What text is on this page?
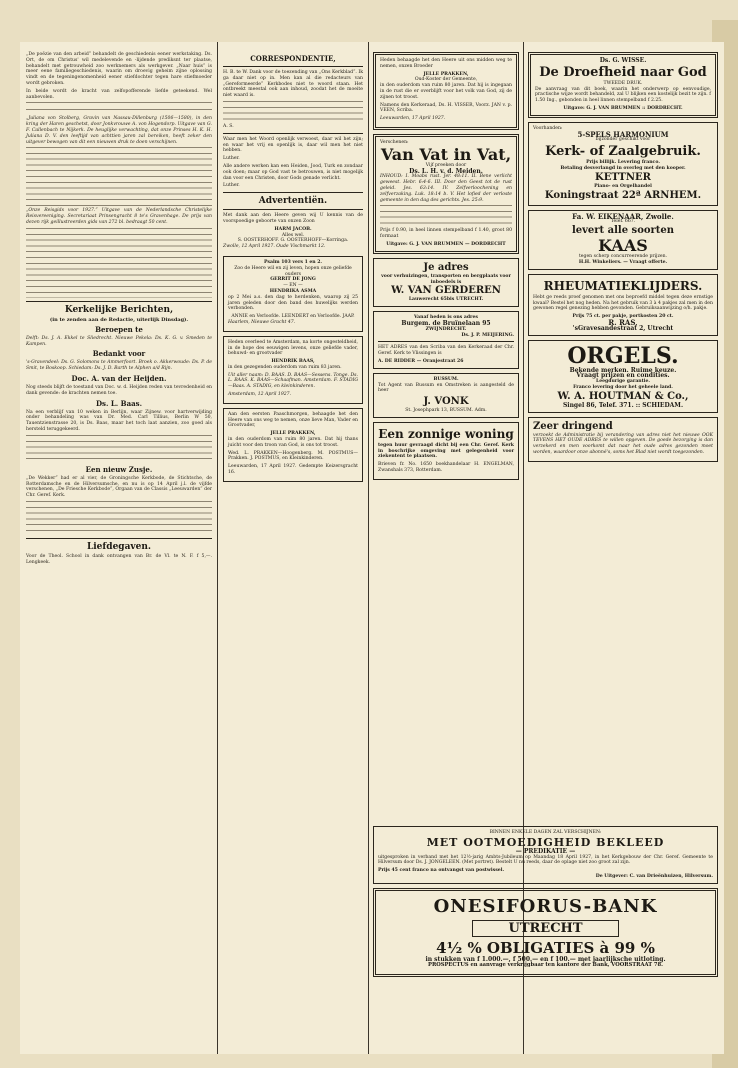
„De poëzie van den arbeid” behandelt de geschiedenis eener werkstaking. Ds. Ort, de om Christus' wil medelevende en -lijdende prediksnt ter plaatse, behandelt met getrouwheid zoo werknemers als werkgever. „Naar huis” is meer eene familiegeschiedenis, waarin om droevig geheim zijne oplossing vindt en de tegeningenomenheid eener stiefdochter tegen hare stiefmoeder wordt gebroken.

In beide wordt de kracht van zelfopofferende liefde geteekend. Wel aanbevolen.

„Juliana von Stolberg, Gravin van Nassau-Dillenburg (1506—1580), in den kring der Haren geschetst, door Jonkvrouwe A. von Hogendorp. Uitgave van G. F. Callenbach te Nijkerk. De heuglijke verwachting, dat onze Prinses H. K. H. Juliana D. V. den leeftijd van achttien jaren zal bereiken, heeft zeker den uitgever bewogen van dit een nieuwen druk te doen verschijnen.

„Onze Reisgids voor 1927.” Uitgave van de Nederlandsche Christelijke Reisvereeniging. Secretariaat Prinsengracht 8 te's Gravenhage. De prijs van dezen rijk geillustreerden gids van 272 bl. bedraagt 50 cent.

Kerkelijke Berichten,
(in te zenden aan de Redactie, uiterlijk Dinsdag).
Beroepen te

Delft: Ds. J. A. Ekkel te Sliedrecht. Nieuwe Pekela: Ds. K. G. v. Smeden te Kampen.

Bedankt voor

's-Gravendeel: Ds. G. Solomons te Ammerfoort. Broek o. Akkerwoude: Ds. P. de Smit, te Boskoop. Schiedam: Ds. J. D. Barth te Alphen a/d Rijn.

Doc. A. van der Heijden.

Nog steeds blijft de toestand van Doc. w. d. Heijden reden van tevredenheid en dank gevende: de krachten nemen toe.

Ds. L. Baas.

Na een verblijf van 10 weken in Berlijn, waar Zijnew. voor hartverwijding onder behandeling was van Dr. Med. Carl Tillius, Berlin W 50, Tauentzienstrasse 20, is Ds. Baas, maar het toch laat aanzien, zoo goed als hersteld teruggekeerd.

Een nieuw Zusje.

„De Wekker” had er al vier, de Groningsche Kerkbode, de Stichtsche, de Rotterdamsche en de Hilversumsche, en nu is op 14 April j.l. de vijfde verschenen, „De Friesche Kerkbode”, Orgaan van de Classis „Leeuwarden” der Chr. Geref. Kerk.

Liefdegaven.

Voor de Theol. School in dank ontvangen van Br. de Vl. te N. F. f 5,—. Lengkeek.

CORRESPONDENTIE,

H. B. te W. Dank voor de toezending van „Ons Kerkblad”. Ik ga daar niet op in. Men kan al die redacteurs van „Gereformeerde” Kerkbodes niet te woord staan. Het ontbreekt meestal ook aan inhoud, zoodat het de moeite niet waard is.

A. S.

Waar men het Woord openlijk verwoest, daar wil het zijn; en waar het vrij en openlijk is, daar wil men het niet hebben.

Luther.

Alle andere werken kan een Heiden, Jood, Turk en zondaar ook doen; maar op God vast te betrouwen, is niet mogelijk dan voor een Christen, door Gods genade verlicht.

Luther.

Advertentiën.

Met dank aan den Heere geven wij U kennis van de voorspoedige geboorte van onzen Zoon

HARM JACOB.
Alles wel.
S. OOSTERHOFF. G. OOSTERHOFF—Korringa.

Zwolle, 12 April 1927. Oude Vischmarkt 12.

Psalm 103 vers 1 en 2.
Zoo de Heere wil en zij leven, hopen onze geliefde ouders
GERRIT DE JONG
— EN —
HENDRIKA ASMA

op 2 Mei a.s. den dag te herdenken, waarop zij 25 jaren geleden door den band des huwelijks werden verbonden.

ANNIE en Verloofde. LEENDERT en Verloofde. JAAP.

Haarlem, Nieuwe Gracht 47.

Heden overleed te Amsterdam, na korte ongesteldheid, in de hope des eeuwigen levens, onze geliefde vader, behuwd- en grootvader

HENDRIK BAAS,

in den gezegenden ouderdom van ruim 83 jaren.

Uit aller naam: D. BAAS. D. BAAS—Sessens. Tonge. Ds. L. BAAS. K. BAAS—Schaafman. Amsterdam. F. STADIG—Baas. A. STADIG, en kleinkinderen.

Amsterdam, 12 April 1927.

Aan den eersten Paaschmorgen, behaagde het den Heere van ons weg te nemen, onze lieve Man, Vader en Grootvader,

JELLE PRAKKEN,

in den ouderdom van ruim 80 jaren. Dat hij thans juicht voor den troon van God, is ons tot troost.

Wed. L. PRAKKEN—Hoogenberg. M. POSTMUS—Prakken. J. POSTMUS, en Kleinkinderen.

Leeuwarden, 17 April 1927. Gedempte Keizersgracht 16.

Heden behaagde het den Heere uit ons midden weg te nemen, onzen Broeder

JELLE PRAKKEN,
Oud-Koster der Gemeente,

in den ouderdom van ruim 80 jaren. Dat hij is ingegaan in de rust die er overblijft voor het volk van God, zij de zijnen tot troost.

Namens den Kerkeraad, Ds. H. VISSER, Voorz. JAN v. p. VEEN, Scriba.

Leeuwarden, 17 April 1927.

Verschenen:
Van Vat in Vat,
Vijf preeken door
Ds. L. H. v. d. Meiden.

INHOUD: I. Moabs rust. Jer. 48:11. II. Bene verlicht geweest. Hebr. 6:4-6. III. Door den Geest tot de rust geleid. Jes. 63:14. IV. Zelfverloochening en zelfverzaking. Luk. 18:14 b. V. Het lofied der verloste gemeente in den dag des gerichts. Jes. 25:9.

Prijs f 0.90, in heel linnen stempelband f 1.40, groot 80 formaat

Uitgave: G. J. VAN BRUMMEN — DORDRECHT
Je adres
voor verhuizingen, transporten en bergplaats voor inboedels is
W. VAN GERDEREN
Lauwerecht 65bis UTRECHT.
Vanaf heden is ons adres
Burgem. de Bruïnelaan 95
ZWIJNDRECHT.
Ds. J. P. MEIJERING.

HET ADRES van den Scriba van den Kerkeraad der Chr. Geref. Kerk te Vlissingen is

A. DE RIDDER — Oranjestraat 26
BUSSUM.

Tot Agent van Bussum en Omstreken is aangesteld de heer

J. VONK
St. Josephpark 13, BUSSUM. Adm.
Een zonnige woning

tegen huur gevraagd dicht bij een Chr. Geref. Kerk in boschrijke omgeving met gelegenheid voor ziekentent te plaatsen.

Brieven fr. No. 1650 boekhandelaar H. ENGELMAN, Zwanshals 373, Rotterdam.

Ds. G. WISSE.
De Droefheid naar God
TWEEDE DRUK.

De aanvraag van dit boek, waarin het onderwerp op eenvoudige, practische wijze wordt behandeld, zal U blijken een kostelijk bezit te zijn. f 1.50 Ing., gebonden in heel linnen stempelband f 2.25.

Uitgave: G. J. VAN BRUMMEN :: DORDRECHT.
Voorhanden:
5-SPELS HARMONIUM
bijzonder geschikt voor
Kerk- of Zaalgebruik.
Prijs billijk. Levering franco.
Betaling desverlangd in overleg met den kooper.
KETTNER
Piano- en Orgelhandel
Koningstraat 22ª ARNHEM.
Fa. W. EIKENAAR, Zwolle.
Telef. 667.
levert alle soorten
KAAS
tegen scherp concurreerende prijzen.
H.H. Winkeliers. — Vraagt offerte.
RHEUMATIEKLIJDERS.

Hebt ge reeds proef genomen met ons beproefd middel tegen deze ernstige kwaal? Bestel het nog heden. Na het gebruik van 3 à 4 pakjes zal men in den gewonen regel genezing hebben gevonden. Gebruiksaanwijzing o/h. pakje.

Prijs 75 ct. per pakje, portkosten 20 ct.
R. RAS,
'sGravesandestraat 2, Utrecht
ORGELS.
Bekende merken. Ruime keuze.
Vraagt prijzen en condities.
Leegdurige garantie.
Franco levering door het geheele land.
W. A. HOUTMAN & Co.,
Singel 86, Telef. 371. :: SCHIEDAM.
Zeer dringend

verzoekt de Administratie bij verandering van adres niet het nieuwe OOK TEVENS HET OUDE ADRES te willen opgeven. De goede bezorging is dan verzekerd en men voorkomt dat naar het oude adres gezonden moet worden, waardoor onze abonné's, soms het Blad niet wordt toegezonden.

BINNEN ENKELE DAGEN ZAL VERSCHIJNEN:
MET OOTMOEDIGHEID BEKLEED
— PREDIKATIE —

uitgesproken in verband met het 12½-jarig Ambts-Jubileum op Maandag 18 April 1927, in het Kerkgebouw der Chr. Geref. Gemeente te Hilversum door Ds. J. JONGELEEN. (Met portret). Bestelt U nu reeds, daar de oplage niet zoo groot zal zijn.

Prijs 45 cent franco na ontvangst van postwissel.
De Uitgever: C. van Drieënhuizen, Hilversum.
ONESIFORUS-BANK
UTRECHT
4½ % OBLIGATIES à 99 %
in stukken van f 1.000.—, f 500.— en f 100.— met jaarlijksche uitloting.
PROSPECTUS en aanvrage verkrijgbaar ten kantore der Bank, VOORSTRAAT 78.
